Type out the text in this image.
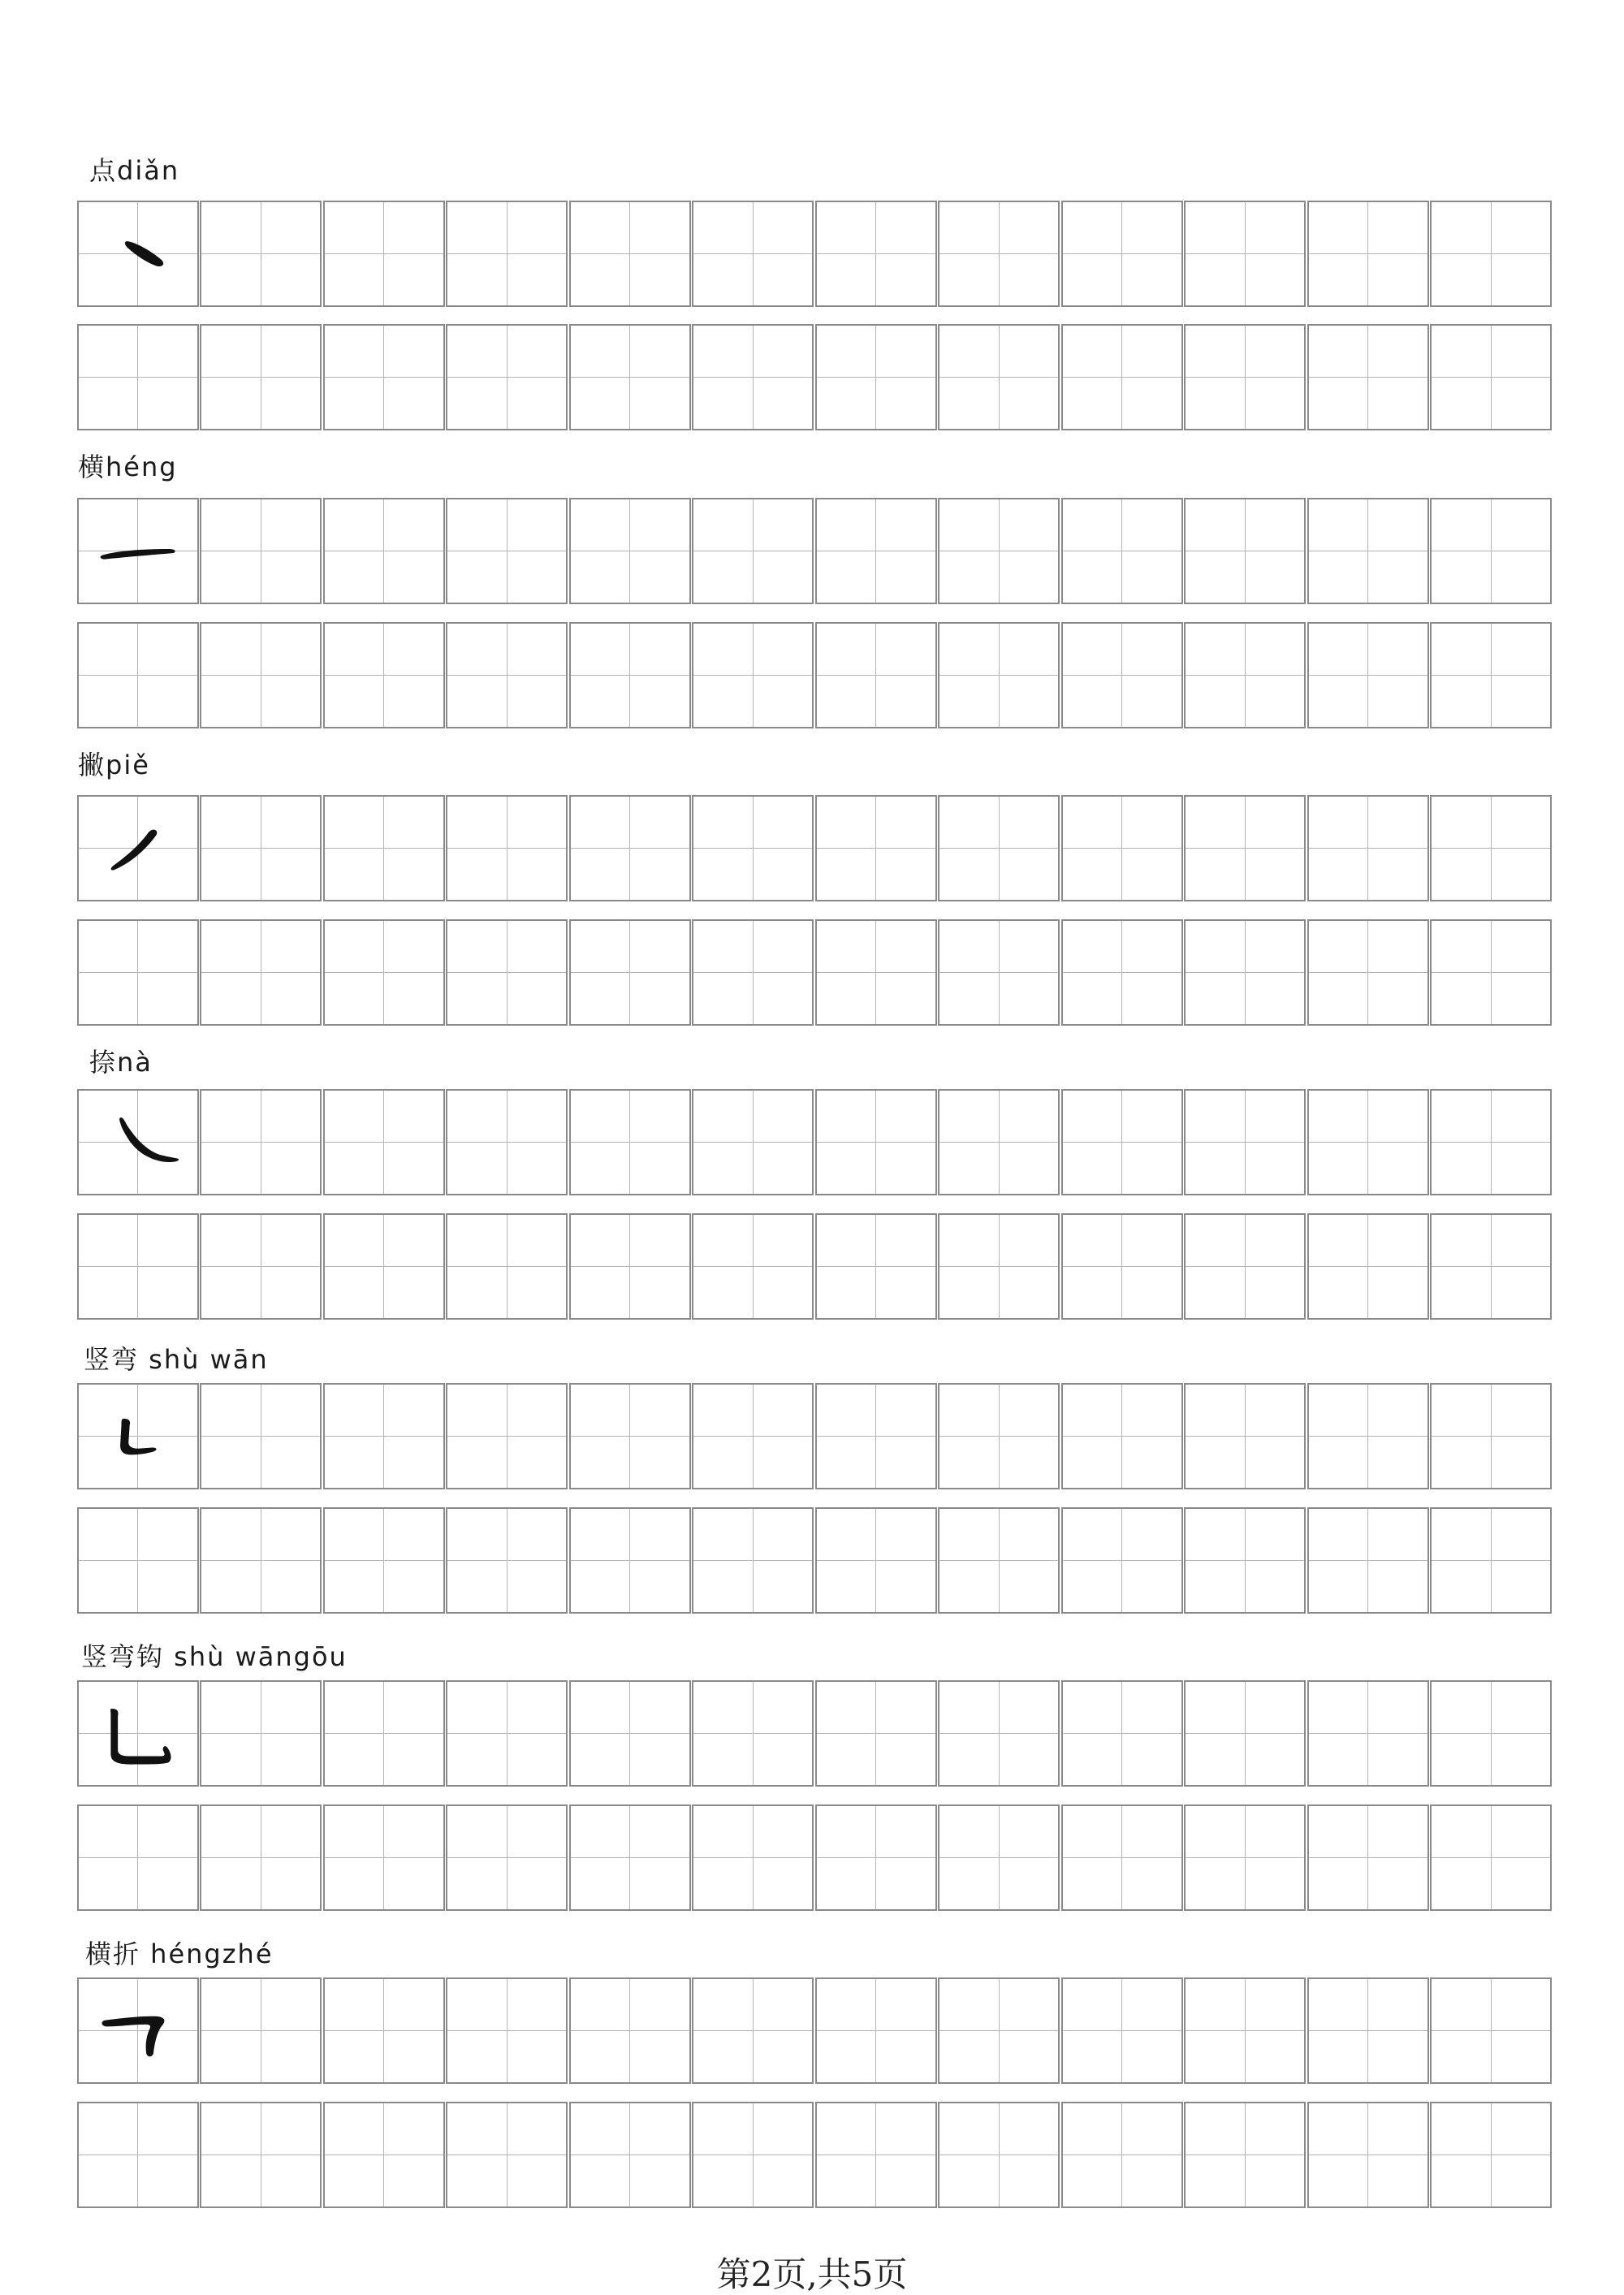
点diǎn
横héng
撇piě
捺nà
竖弯 shù wān
竖弯钩 shù wāngōu
横折 héngzhé
第2页,共5页
